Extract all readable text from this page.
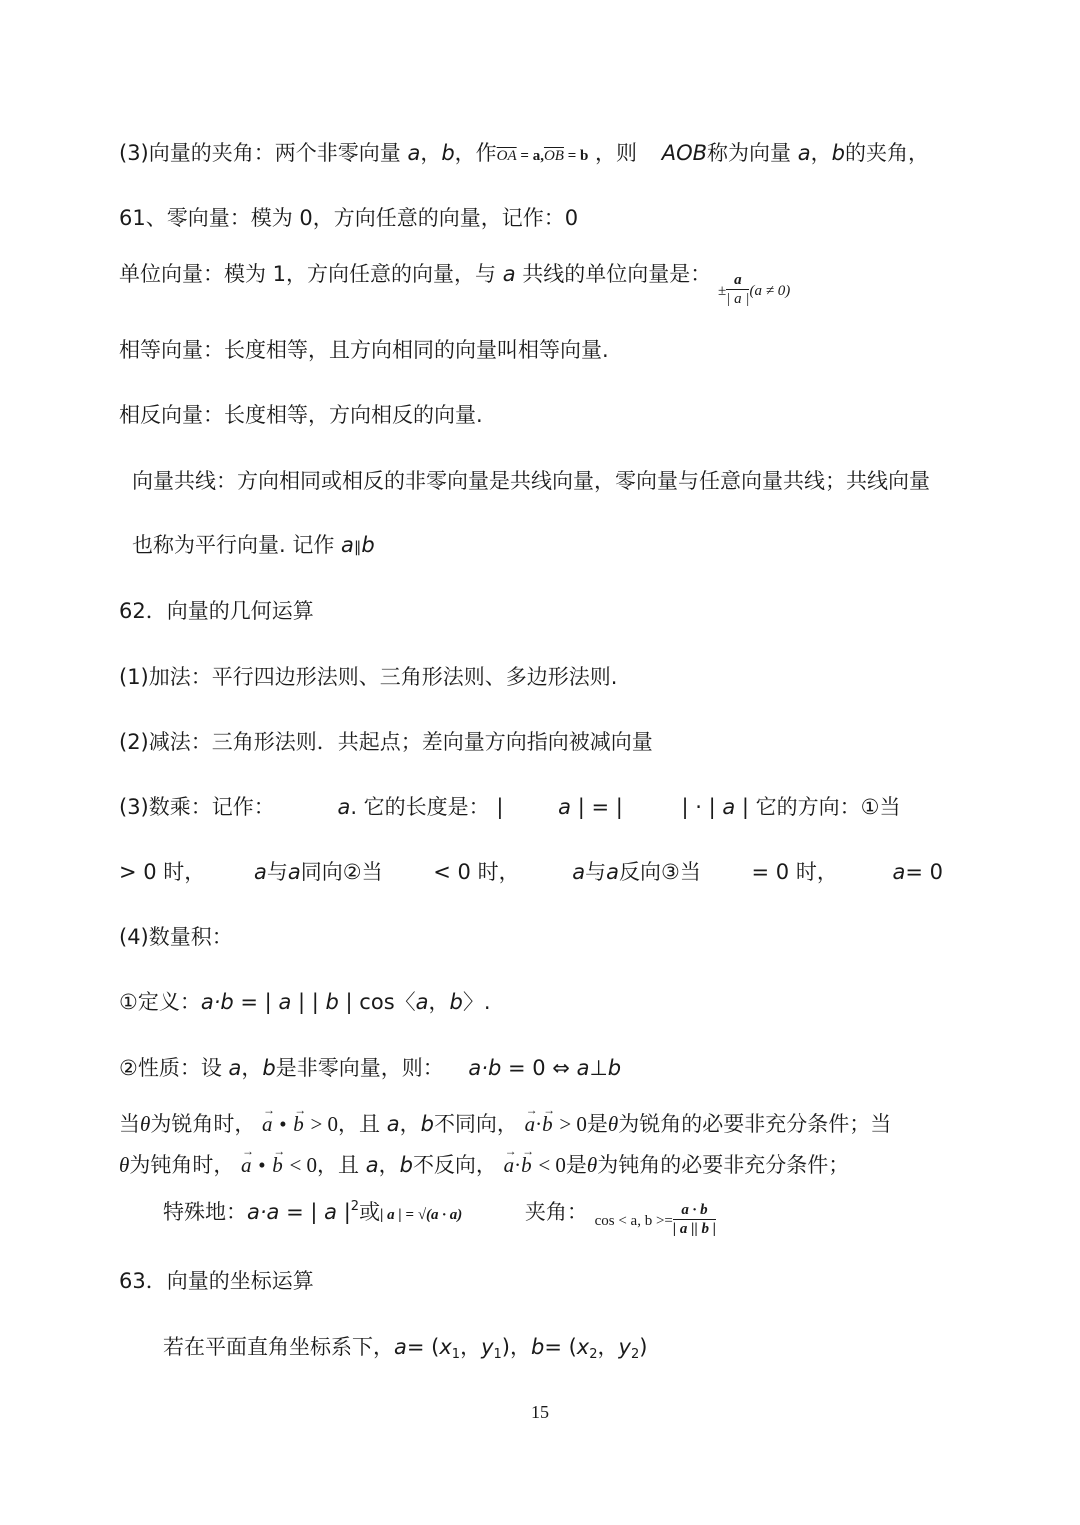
(3)向量的夹角：两个非零向量 a，b，作$\overline{OA} = a,\overline{OB} = b$ ，则 AOB称为向量 a，b的夹角，
61、零向量：模为 0，方向任意的向量，记作：0
单位向量：模为 1，方向任意的向量，与 a 共线的单位向量是： $_\pm \frac{a}{| a |} _{(a \ne 0)}$
相等向量：长度相等，且方向相同的向量叫相等向量.
相反向量：长度相等，方向相反的向量.
向量共线：方向相同或相反的非零向量是共线向量，零向量与任意向量共线；共线向量
也称为平行向量. 记作 a∥b
62．向量的几何运算
(1)加法：平行四边形法则、三角形法则、多边形法则.
(2)减法：三角形法则．共起点；差向量方向指向被减向量
(3)数乘：记作：	a. 它的长度是： |	a | = |	| · | a | 它的方向：①当
> 0 时， a与a同向②当 < 0 时，	a与a反向③当 = 0 时，	a= 0
(4)数量积：
①定义：a·b = | a | | b | cos〈a，b〉.
②性质：设 a，b是非零向量，则： a·b = 0 ⇔ a⊥b
当θ为锐角时， → a • → b > 0，且 a，b不同向， → a·→ b > 0是θ为锐角的必要非充分条件；当
θ为钝角时， → a • → b < 0，且 a，b不反向， → a·→ b < 0是θ为钝角的必要非充分条件；
特殊地：a·a = | a $|^2$或| a | = √(a · a)	夹角： $_{cos < a, b >=} \frac{a \cdot b}{| a || b |}$
63．向量的坐标运算
若在平面直角坐标系下，$a= (x_1$，$y_1$)，$b= (x_2$，$y_2$)
15
